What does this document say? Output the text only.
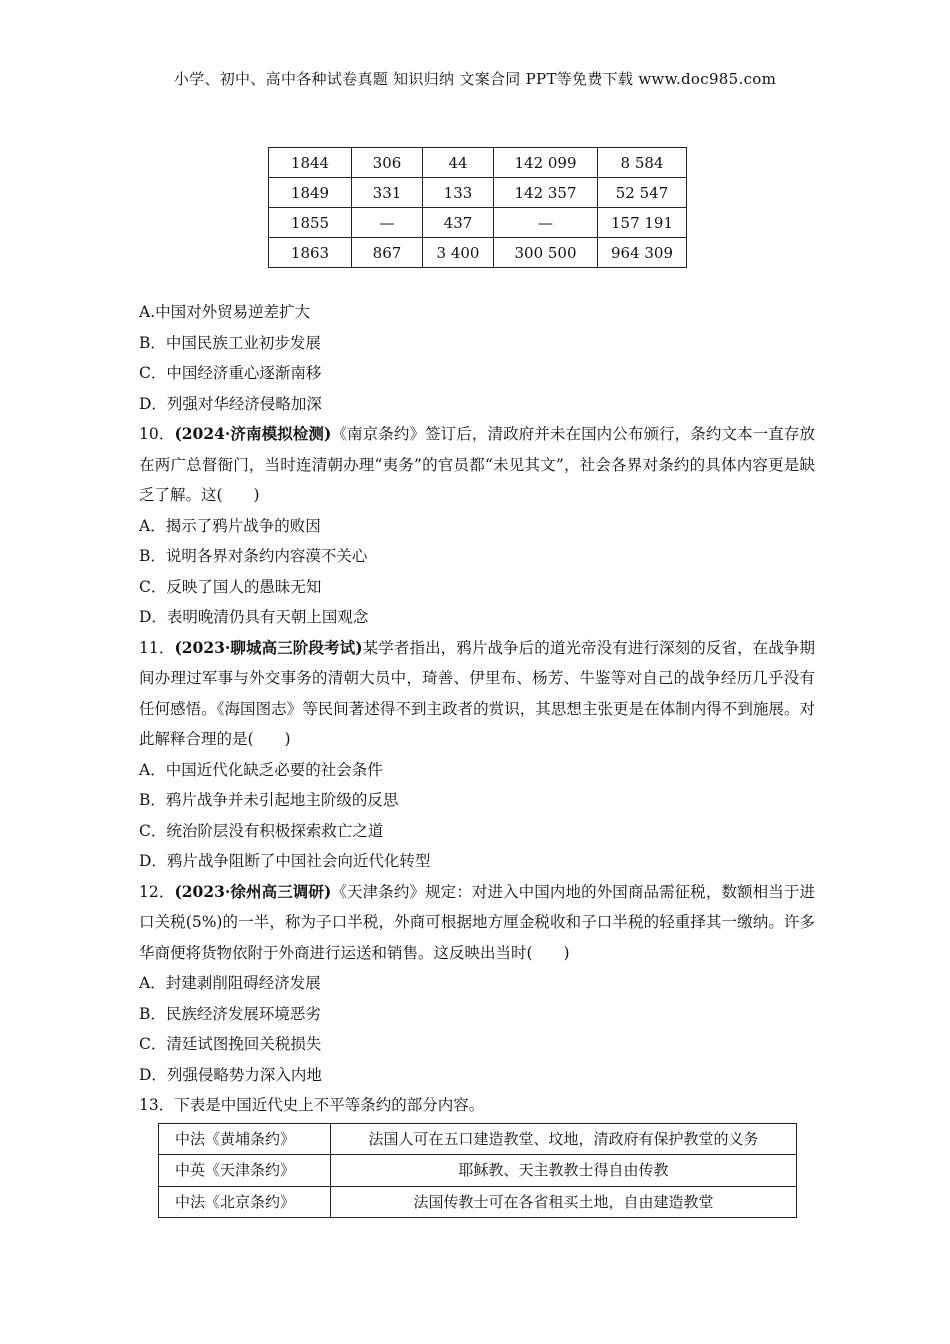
小学、初中、高中各种试卷真题 知识归纳 文案合同 PPT等免费下载 www.doc985.com
1844	306	44	142 099	8 584
1849	331	133	142 357	52 547
1855	—	437	—	157 191
1863	867	3 400	300 500	964 309

A.中国对外贸易逆差扩大

B．中国民族工业初步发展

C．中国经济重心逐渐南移

D．列强对华经济侵略加深

10．(2024·济南模拟检测)《南京条约》签订后，清政府并未在国内公布颁行，条约文本一直存放在两广总督衙门，当时连清朝办理“夷务”的官员都“未见其文”，社会各界对条约的具体内容更是缺乏了解。这(　　)

A．揭示了鸦片战争的败因

B．说明各界对条约内容漠不关心

C．反映了国人的愚昧无知

D．表明晚清仍具有天朝上国观念

11．(2023·聊城高三阶段考试)某学者指出，鸦片战争后的道光帝没有进行深刻的反省，在战争期间办理过军事与外交事务的清朝大员中，琦善、伊里布、杨芳、牛鉴等对自己的战争经历几乎没有任何感悟。《海国图志》等民间著述得不到主政者的赏识，其思想主张更是在体制内得不到施展。对此解释合理的是(　　)

A．中国近代化缺乏必要的社会条件

B．鸦片战争并未引起地主阶级的反思

C．统治阶层没有积极探索救亡之道

D．鸦片战争阻断了中国社会向近代化转型

12．(2023·徐州高三调研)《天津条约》规定：对进入中国内地的外国商品需征税，数额相当于进口关税(5%)的一半，称为子口半税，外商可根据地方厘金税收和子口半税的轻重择其一缴纳。许多华商便将货物依附于外商进行运送和销售。这反映出当时(　　)

A．封建剥削阻碍经济发展

B．民族经济发展环境恶劣

C．清廷试图挽回关税损失

D．列强侵略势力深入内地

13．下表是中国近代史上不平等条约的部分内容。

中法《黄埔条约》	法国人可在五口建造教堂、坟地，清政府有保护教堂的义务
中英《天津条约》	耶稣教、天主教教士得自由传教
中法《北京条约》	法国传教士可在各省租买土地，自由建造教堂
